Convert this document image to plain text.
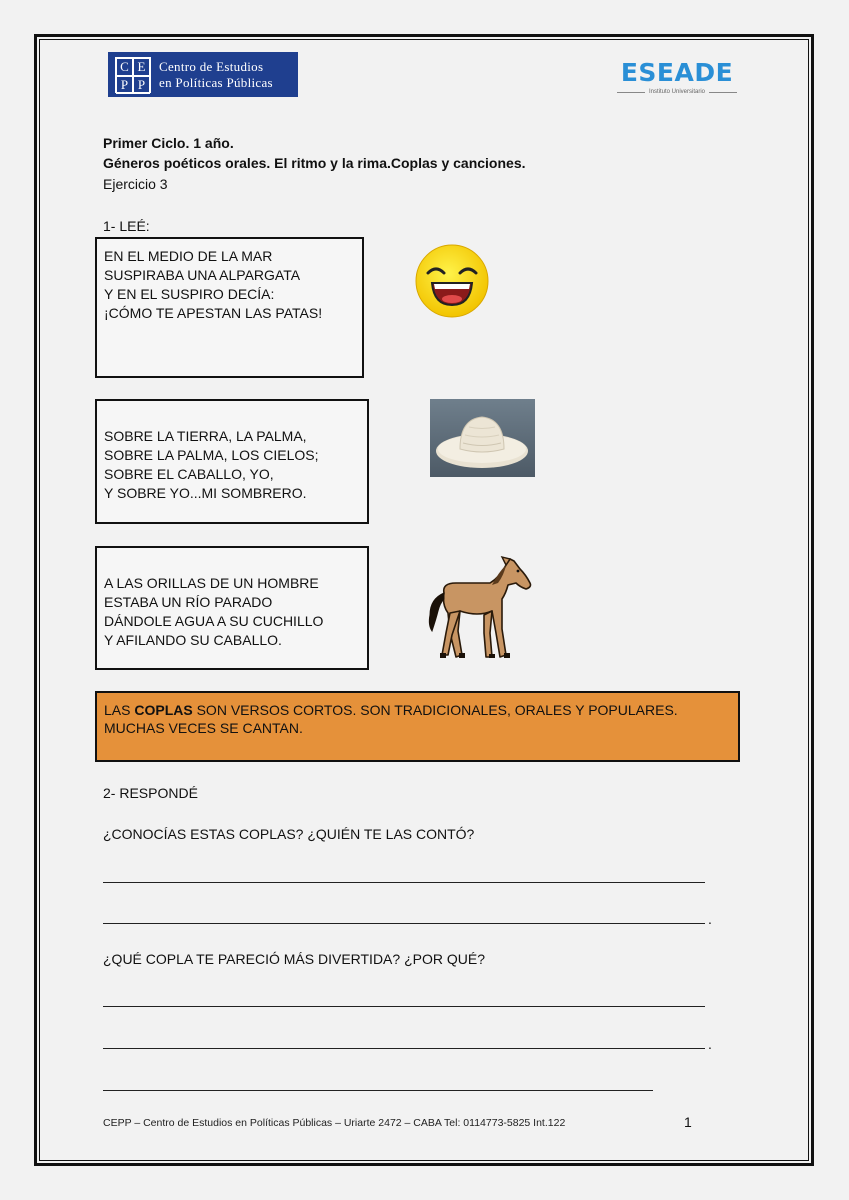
C E
P P
Centro de Estudios
en Políticas Públicas	ESEADE
Instituto Universitario
Primer Ciclo. 1 año.
Géneros poéticos orales. El ritmo y la rima.Coplas y canciones.
Ejercicio 3
1- LEÉ:
EN EL MEDIO DE LA MAR
SUSPIRABA UNA ALPARGATA
Y EN EL SUSPIRO DECÍA:
¡CÓMO TE APESTAN LAS PATAS!
SOBRE LA TIERRA, LA PALMA,
SOBRE LA PALMA, LOS CIELOS;
SOBRE EL CABALLO, YO,
Y SOBRE YO...MI SOMBRERO.
A LAS ORILLAS DE UN HOMBRE
ESTABA UN RÍO PARADO
DÁNDOLE AGUA A SU CUCHILLO
Y AFILANDO SU CABALLO.
LAS COPLAS SON VERSOS CORTOS. SON TRADICIONALES, ORALES Y POPULARES. MUCHAS VECES SE CANTAN.
2- RESPONDÉ
¿CONOCÍAS ESTAS COPLAS? ¿QUIÉN TE LAS CONTÓ?
.
¿QUÉ COPLA TE PARECIÓ MÁS DIVERTIDA? ¿POR QUÉ?
.
CEPP – Centro de Estudios en Políticas Públicas – Uriarte 2472 – CABA Tel: 0114773-5825 Int.122	1
